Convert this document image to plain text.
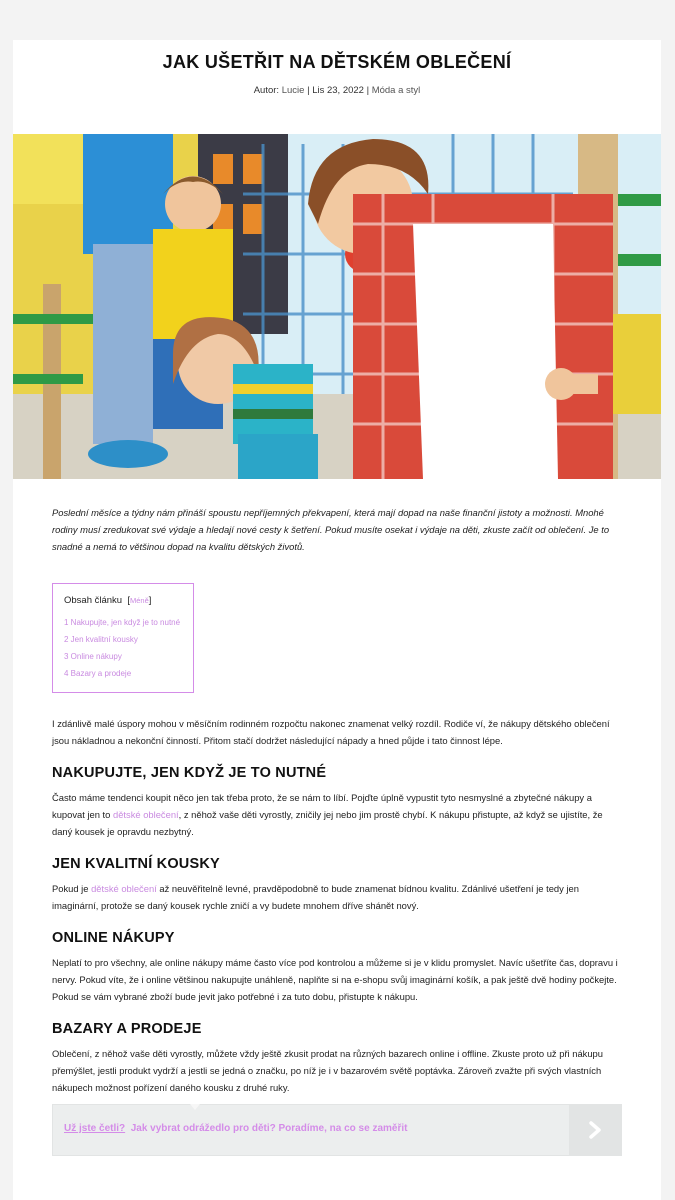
JAK UŠETŘIT NA DĚTSKÉM OBLEČENÍ
Autor: Lucie | Lis 23, 2022 | Móda a styl

Poslední měsíce a týdny nám přináší spoustu nepříjemných překvapení, která mají dopad na naše finanční jistoty a možnosti. Mnohé rodiny musí zredukovat své výdaje a hledají nové cesty k šetření. Pokud musíte osekat i výdaje na děti, zkuste začít od oblečení. Je to snadné a nemá to většinou dopad na kvalitu dětských životů.

Obsah článku [Méně]
1 Nakupujte, jen když je to nutné
2 Jen kvalitní kousky
3 Online nákupy
4 Bazary a prodeje

I zdánlivě malé úspory mohou v měsíčním rodinném rozpočtu nakonec znamenat velký rozdíl. Rodiče ví, že nákupy dětského oblečení jsou nákladnou a nekonční činností. Přitom stačí dodržet následující nápady a hned půjde i tato činnost lépe.

NAKUPUJTE, JEN KDYŽ JE TO NUTNÉ

Často máme tendenci koupit něco jen tak třeba proto, že se nám to líbí. Pojďte úplně vypustit tyto nesmyslné a zbytečné nákupy a kupovat jen to dětské oblečení, z něhož vaše děti vyrostly, zničily jej nebo jim prostě chybí. K nákupu přistupte, až když se ujistíte, že daný kousek je opravdu nezbytný.

JEN KVALITNÍ KOUSKY

Pokud je dětské oblečení až neuvěřitelně levné, pravděpodobně to bude znamenat bídnou kvalitu. Zdánlivé ušetření je tedy jen imaginární, protože se daný kousek rychle zničí a vy budete mnohem dříve shánět nový.

ONLINE NÁKUPY

Neplatí to pro všechny, ale online nákupy máme často více pod kontrolou a můžeme si je v klidu promyslet. Navíc ušetříte čas, dopravu i nervy. Pokud víte, že i online většinou nakupujte unáhleně, naplňte si na e-shopu svůj imaginární košík, a pak ještě dvě hodiny počkejte. Pokud se vám vybrané zboží bude jevit jako potřebné i za tuto dobu, přistupte k nákupu.

BAZARY A PRODEJE

Oblečení, z něhož vaše děti vyrostly, můžete vždy ještě zkusit prodat na různých bazarech online i offline. Zkuste proto už při nákupu přemýšlet, jestli produkt vydrží a jestli se jedná o značku, po níž je i v bazarovém světě poptávka. Zároveň zvažte při svých vlastních nákupech možnost pořízení daného kousku z druhé ruky.

Už jste četli? Jak vybrat odrážedlo pro děti? Poradíme, na co se zaměřit
